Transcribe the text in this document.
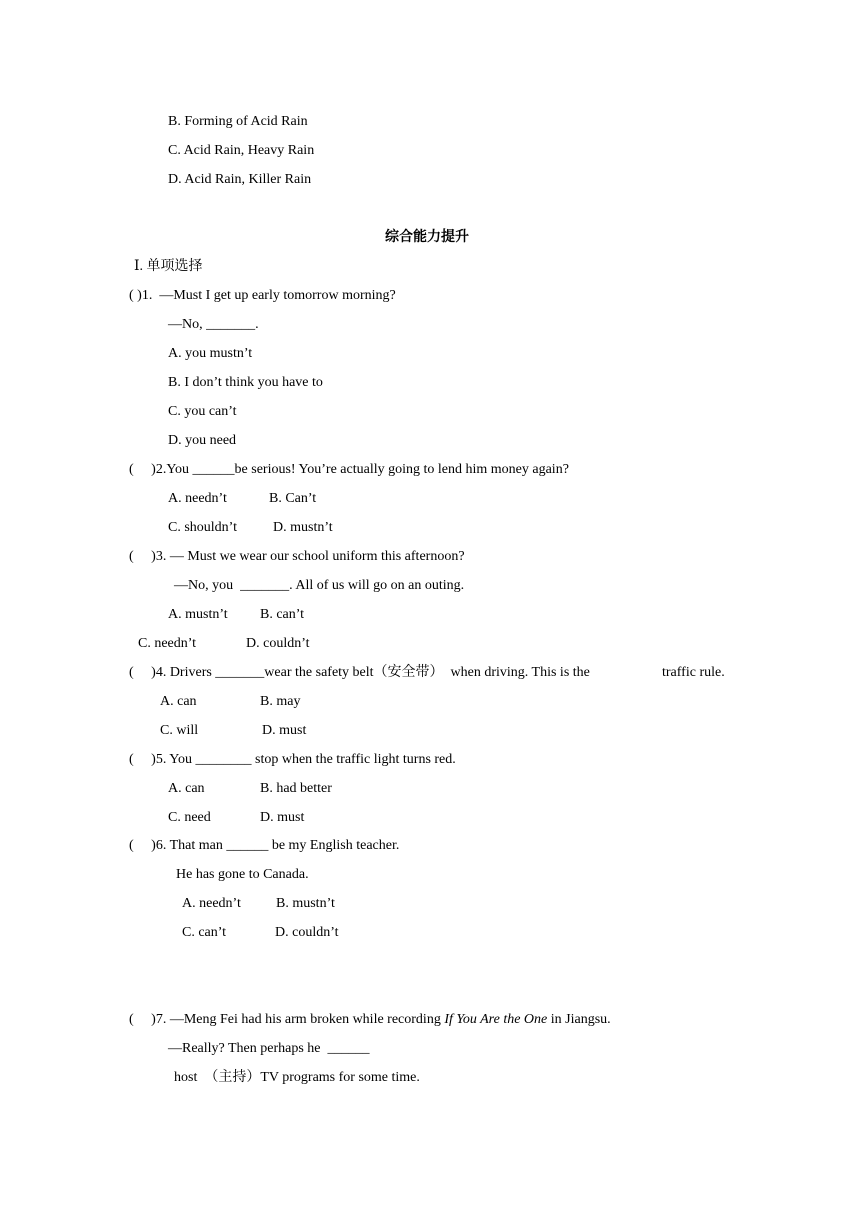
B. Forming of Acid Rain
C. Acid Rain, Heavy Rain
D. Acid Rain, Killer Rain
综合能力提升
Ⅰ. 单项选择
( )1.  —Must I get up early tomorrow morning?
—No, _______.
A. you mustn’t
B. I don’t think you have to
C. you can’t
D. you need
(     )2.You ______be serious! You’re actually going to lend him money again?
A. needn’t	B. Can’t
C. shouldn’t	D. mustn’t
(     )3. — Must we wear our school uniform this afternoon?
—No, you  _______. All of us will go on an outing.
A. mustn’t B. can’t
C. needn’t	D. couldn’t
(     )4. Drivers _______wear the safety belt（安全带）  when driving. This is the	traffic rule.
A. can	B. may
C. will	D. must
(     )5. You ________ stop when the traffic light turns red.
A. can	B. had better
C. need	D. must
(     )6. That man ______ be my English teacher.
He has gone to Canada.
A. needn’t	B. mustn’t
C. can’t	D. couldn’t
(     )7. —Meng Fei had his arm broken while recording If You Are the One in Jiangsu.
—Really? Then perhaps he  ______
host  （主持）TV programs for some time.
